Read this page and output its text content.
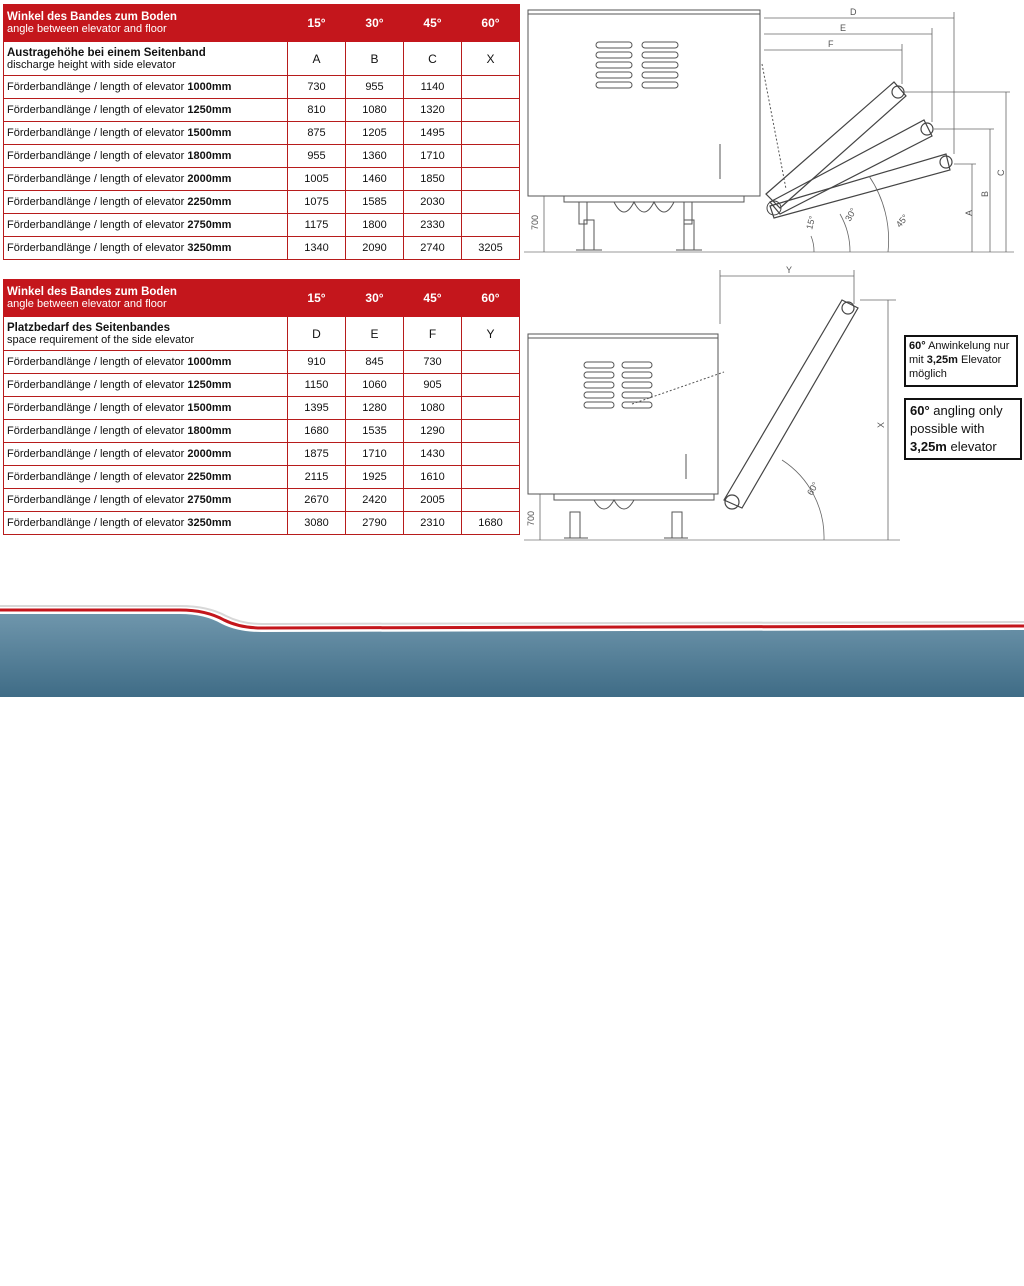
Winkel des Bandes zum Boden
angle between elevator and floor	15°	30°	45°	60°

Austragehöhe bei einem Seitenband
discharge height with side elevator	A	B	C	X
Förderbandlänge / length of elevator 1000mm	730	955	1140	
Förderbandlänge / length of elevator 1250mm	810	1080	1320	
Förderbandlänge / length of elevator 1500mm	875	1205	1495	
Förderbandlänge / length of elevator 1800mm	955	1360	1710	
Förderbandlänge / length of elevator 2000mm	1005	1460	1850	
Förderbandlänge / length of elevator 2250mm	1075	1585	2030	
Förderbandlänge / length of elevator 2750mm	1175	1800	2330	
Förderbandlänge / length of elevator 3250mm	1340	2090	2740	3205
Winkel des Bandes zum Boden
angle between elevator and floor	15°	30°	45°	60°

Platzbedarf des Seitenbandes
space requirement of the side elevator	D	E	F	Y
Förderbandlänge / length of elevator 1000mm	910	845	730	
Förderbandlänge / length of elevator 1250mm	1150	1060	905	
Förderbandlänge / length of elevator 1500mm	1395	1280	1080	
Förderbandlänge / length of elevator 1800mm	1680	1535	1290	
Förderbandlänge / length of elevator 2000mm	1875	1710	1430	
Förderbandlänge / length of elevator 2250mm	2115	1925	1610	
Förderbandlänge / length of elevator 2750mm	2670	2420	2005	
Förderbandlänge / length of elevator 3250mm	3080	2790	2310	1680
D
E
F
A
B
C
700	15°	30°	45°
Y
X
700
60°
60° Anwinkelung nur mit 3,25m Elevator möglich
60° angling only possible with 3,25m elevator
www.bvl-group.de
BvL behält sich das Recht vor, technische Änderungen ohne weitere Benachrichtungen durchzuführen
BvL reserved the right to alter technical data without without giving further notes
